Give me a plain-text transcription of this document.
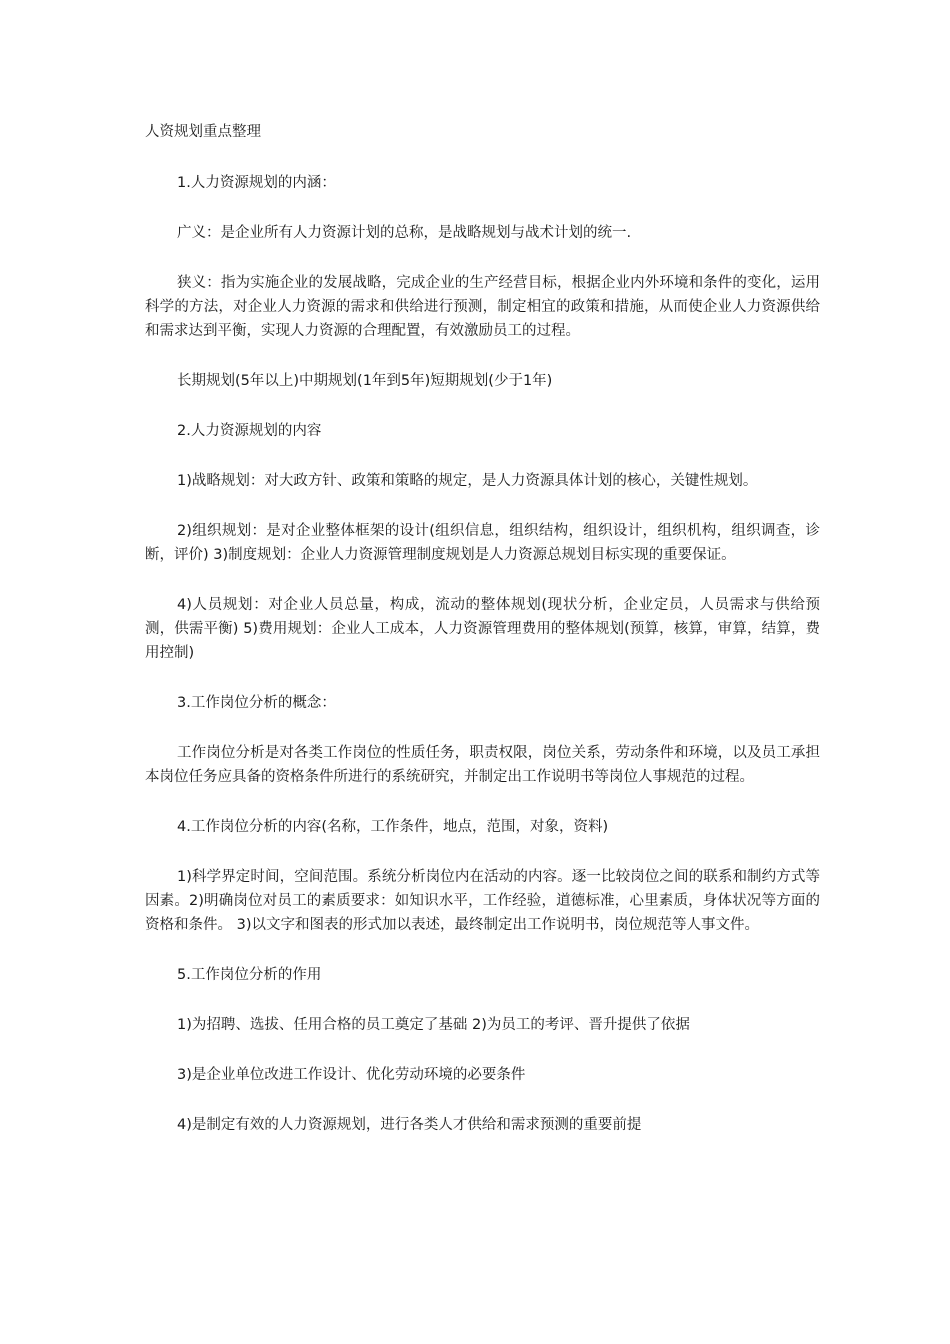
人资规划重点整理

1.人力资源规划的内涵：

广义：是企业所有人力资源计划的总称，是战略规划与战术计划的统一.

狭义：指为实施企业的发展战略，完成企业的生产经营目标，根据企业内外环境和条件的变化，运用科学的方法，对企业人力资源的需求和供给进行预测，制定相宜的政策和措施，从而使企业人力资源供给和需求达到平衡，实现人力资源的合理配置，有效激励员工的过程。

长期规划(5年以上)中期规划(1年到5年)短期规划(少于1年)

2.人力资源规划的内容

1)战略规划：对大政方针、政策和策略的规定，是人力资源具体计划的核心，关键性规划。

2)组织规划：是对企业整体框架的设计(组织信息，组织结构，组织设计，组织机构，组织调查，诊断，评价) 3)制度规划：企业人力资源管理制度规划是人力资源总规划目标实现的重要保证。

4)人员规划：对企业人员总量，构成，流动的整体规划(现状分析，企业定员，人员需求与供给预测，供需平衡) 5)费用规划：企业人工成本，人力资源管理费用的整体规划(预算，核算，审算，结算，费用控制)

3.工作岗位分析的概念：

工作岗位分析是对各类工作岗位的性质任务，职责权限，岗位关系，劳动条件和环境，以及员工承担本岗位任务应具备的资格条件所进行的系统研究，并制定出工作说明书等岗位人事规范的过程。

4.工作岗位分析的内容(名称，工作条件，地点，范围，对象，资料)

1)科学界定时间，空间范围。系统分析岗位内在活动的内容。逐一比较岗位之间的联系和制约方式等因素。2)明确岗位对员工的素质要求：如知识水平，工作经验，道德标准，心里素质，身体状况等方面的资格和条件。 3)以文字和图表的形式加以表述，最终制定出工作说明书，岗位规范等人事文件。

5.工作岗位分析的作用

1)为招聘、选拔、任用合格的员工奠定了基础 2)为员工的考评、晋升提供了依据

3)是企业单位改进工作设计、优化劳动环境的必要条件

4)是制定有效的人力资源规划，进行各类人才供给和需求预测的重要前提
